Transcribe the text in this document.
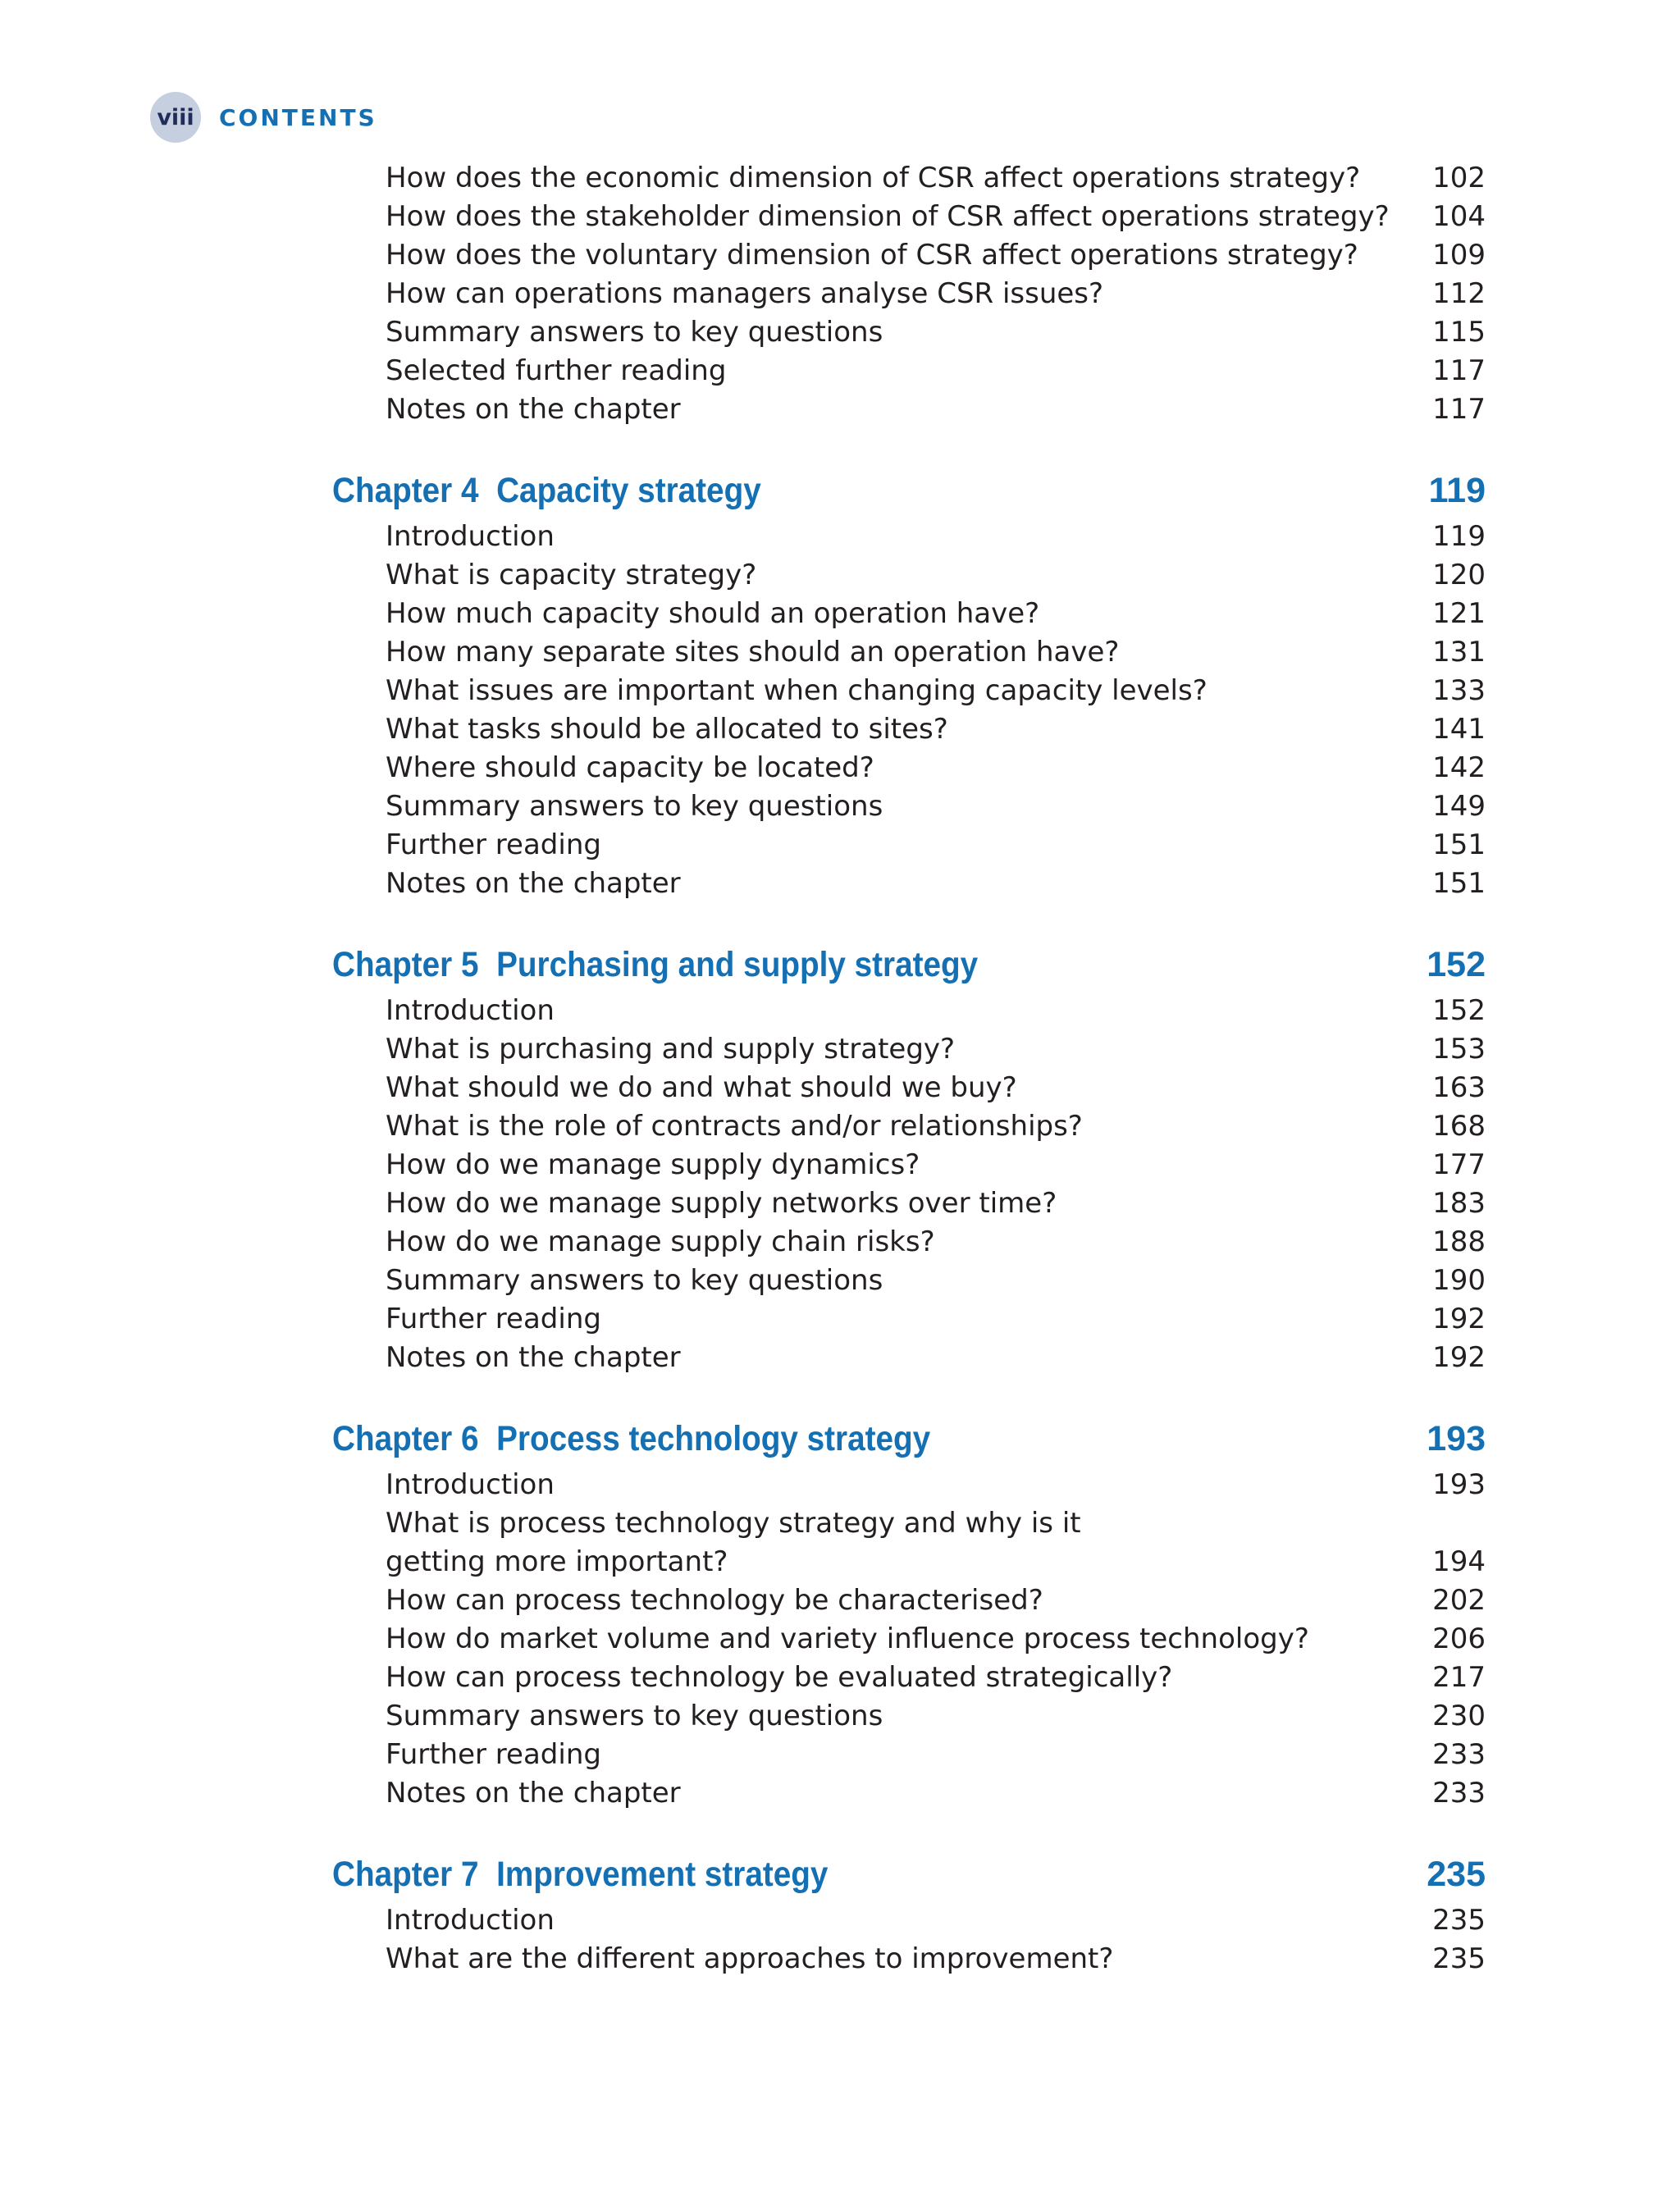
viii CONTENTS
How does the economic dimension of CSR affect operations strategy?	102
How does the stakeholder dimension of CSR affect operations strategy? 104
How does the voluntary dimension of CSR affect operations strategy?	109
How can operations managers analyse CSR issues?	112
Summary answers to key questions	115
Selected further reading	117
Notes on the chapter	117
Chapter 4 Capacity strategy	119
Introduction	119
What is capacity strategy?	120
How much capacity should an operation have?	121
How many separate sites should an operation have?	131
What issues are important when changing capacity levels?	133
What tasks should be allocated to sites?	141
Where should capacity be located?	142
Summary answers to key questions	149
Further reading	151
Notes on the chapter	151
Chapter 5 Purchasing and supply strategy	152
Introduction	152
What is purchasing and supply strategy?	153
What should we do and what should we buy?	163
What is the role of contracts and/or relationships?	168
How do we manage supply dynamics?	177
How do we manage supply networks over time?	183
How do we manage supply chain risks?	188
Summary answers to key questions	190
Further reading	192
Notes on the chapter	192
Chapter 6 Process technology strategy	193
Introduction	193
What is process technology strategy and why is it getting more important?	194
How can process technology be characterised?	202
How do market volume and variety influence process technology?	206
How can process technology be evaluated strategically?	217
Summary answers to key questions	230
Further reading	233
Notes on the chapter	233
Chapter 7 Improvement strategy	235
Introduction	235
What are the different approaches to improvement?	235
